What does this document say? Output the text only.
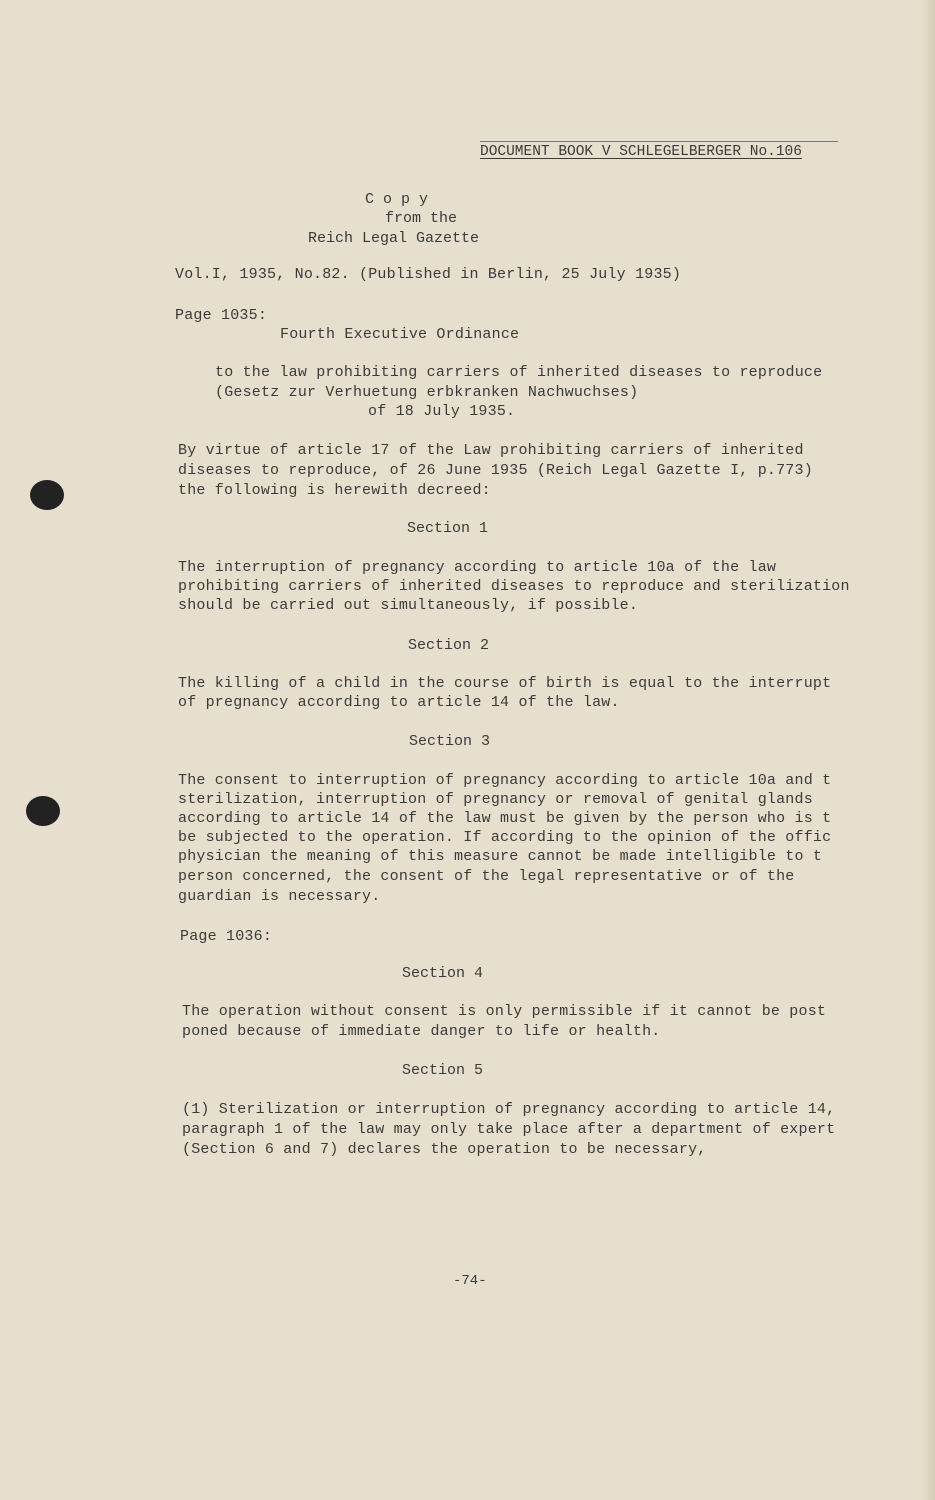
DOCUMENT BOOK V SCHLEGELBERGER No.106
C o p y
from the
Reich Legal Gazette
Vol.I, 1935, No.82. (Published in Berlin, 25 July 1935)
Page 1035:
Fourth Executive Ordinance
to the law prohibiting carriers of inherited diseases to reproduce
(Gesetz zur Verhuetung erbkranken Nachwuchses)
of 18 July 1935.
By virtue of article 17 of the Law prohibiting carriers of inherited
diseases to reproduce, of 26 June 1935 (Reich Legal Gazette I, p.773)
the following is herewith decreed:
Section 1
The interruption of pregnancy according to article 10a of the law
prohibiting carriers of inherited diseases to reproduce and sterilization
should be carried out simultaneously, if possible.
Section 2
The killing of a child in the course of birth is equal to the interrupt
of pregnancy according to article 14 of the law.
Section 3
The consent to interruption of pregnancy according to article 10a and t
sterilization, interruption of pregnancy or removal of genital glands
according to article 14 of the law must be given by the person who is t
be subjected to the operation. If according to the opinion of the offic
physician the meaning of this measure cannot be made intelligible to t
person concerned, the consent of the legal representative or of the
guardian is necessary.
Page 1036:
Section 4
The operation without consent is only permissible if it cannot be post
poned because of immediate danger to life or health.
Section 5
(1) Sterilization or interruption of pregnancy according to article 14,
paragraph 1 of the law may only take place after a department of expert
(Section 6 and 7) declares the operation to be necessary,
-74-
